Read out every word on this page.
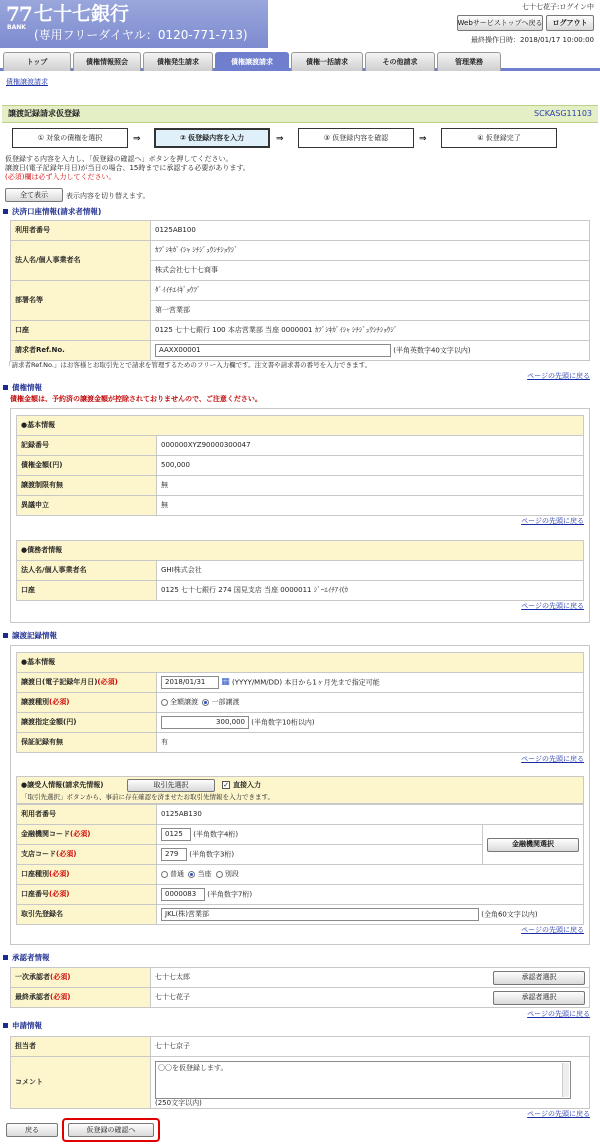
77
BANK
七十七銀行
(専用フリーダイヤル：0120-771-713)
七十七花子:ログイン中
Webサービストップへ戻る	ログアウト
最終操作日時：2018/01/17 10:00:00
トップ	債権情報照会	債権発生請求	債権譲渡請求	債権一括請求	その他請求	管理業務
債権譲渡請求
譲渡記録請求仮登録	SCKASG11103
① 対象の債権を選択	⇒	② 仮登録内容を入力	⇒	③ 仮登録内容を確認	⇒	④ 仮登録完了
仮登録する内容を入力し、「仮登録の確認へ」ボタンを押してください。
譲渡日(電子記録年月日)が当日の場合、15時までに承認する必要があります。
(必須)欄は必ず入力してください。
全て表示	表示内容を切り替えます。
決済口座情報(請求者情報)
利用者番号	0125AB100
法人名/個人事業者名	ｶﾌﾞｼｷｶﾞｲｼｬ ｼﾁｼﾞｭｳｼﾁｼｮｳｼﾞ
	株式会社七十七商事
部署名等	ﾀﾞｲｲﾁｴｲｷﾞｮｳﾌﾞ
	第一営業部
口座	0125 七十七銀行 100 本店営業部 当座 0000001 ｶﾌﾞｼｷｶﾞｲｼｬ ｼﾁｼﾞｭｳｼﾁｼｮｳｼﾞ
請求者Ref.No.	AAXX00001 (半角英数字40文字以内)
「請求者Ref.No.」はお客様とお取引先とで請求を管理するためのフリー入力欄です。注文書や請求書の番号を入力できます。
ページの先頭に戻る
債権情報
債権金額は、予約済の譲渡金額が控除されておりませんので、ご注意ください。
●基本情報	
記録番号	000000XYZ90000300047
債権金額(円)	500,000
譲渡制限有無	無
異議申立	無
ページの先頭に戻る
●債務者情報	
法人名/個人事業者名	GHI株式会社
口座	0125 七十七銀行 274 国見支店 当座 0000011 ｼﾞｰｴｲﾁｱｲ(ｶ
ページの先頭に戻る
譲渡記録情報
●基本情報	
譲渡日(電子記録年月日)(必須)	2018/01/31 ▦ (YYYY/MM/DD) 本日から1ヶ月先まで指定可能
譲渡種別(必須)	全額譲渡 一部譲渡
譲渡指定金額(円)	300,000 (半角数字10桁以内)
保証記録有無	有
ページの先頭に戻る
●譲受人情報(請求先情報)	取引先選択	✓ 直接入力
「取引先選択」ボタンから、事前に存在確認を済ませたお取引先情報を入力できます。
利用者番号	0125AB130	
金融機関コード(必須)	0125 (半角数字4桁)	金融機関選択

支店コード(必須)	279 (半角数字3桁)	
口座種別(必須)	普通 当座 別段	
口座番号(必須)	0000083 (半角数字7桁)	
取引先登録名	JKL(株)営業部 (全角60文字以内)	
ページの先頭に戻る
承認者情報
一次承認者(必須)	七十七太郎	承認者選択

最終承認者(必須)	七十七花子	承認者選択
ページの先頭に戻る
申請情報
担当者	七十七京子
コメント	〇〇を仮登録します。
(250文字以内)
ページの先頭に戻る
戻る	仮登録の確認へ
